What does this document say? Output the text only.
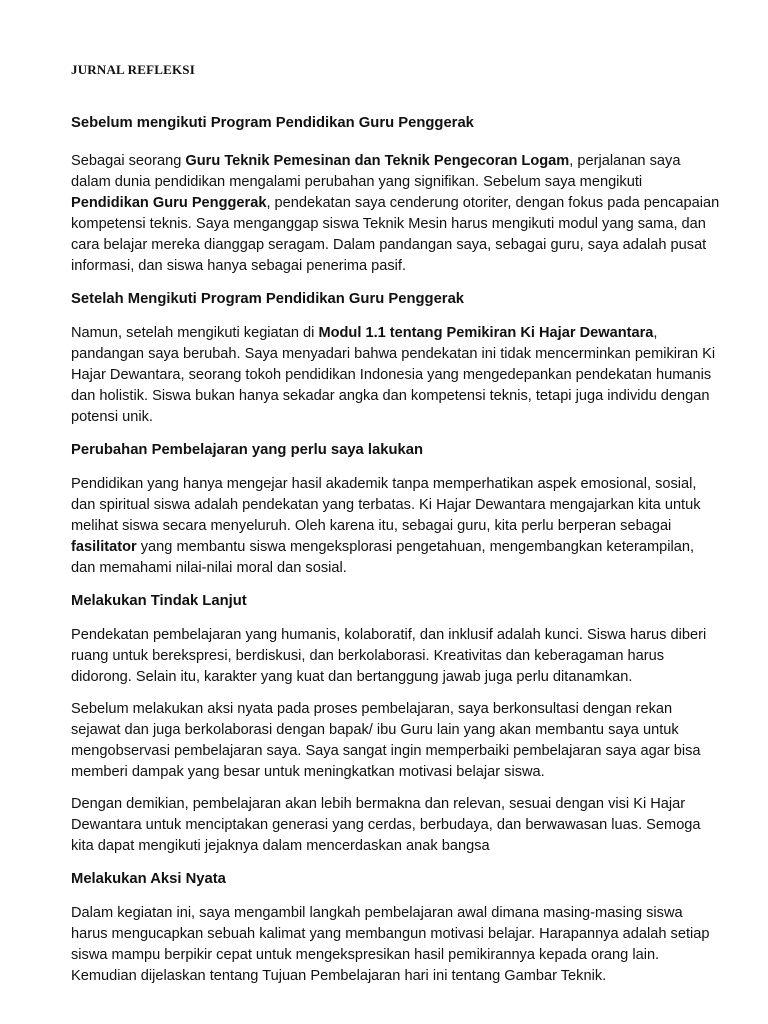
JURNAL REFLEKSI
Sebelum mengikuti Program Pendidikan Guru Penggerak

Sebagai seorang Guru Teknik Pemesinan dan Teknik Pengecoran Logam, perjalanan saya dalam dunia pendidikan mengalami perubahan yang signifikan. Sebelum saya mengikuti Pendidikan Guru Penggerak, pendekatan saya cenderung otoriter, dengan fokus pada pencapaian kompetensi teknis. Saya menganggap siswa Teknik Mesin harus mengikuti modul yang sama, dan cara belajar mereka dianggap seragam. Dalam pandangan saya, sebagai guru, saya adalah pusat informasi, dan siswa hanya sebagai penerima pasif.

Setelah Mengikuti Program Pendidikan Guru Penggerak

Namun, setelah mengikuti kegiatan di Modul 1.1 tentang Pemikiran Ki Hajar Dewantara, pandangan saya berubah. Saya menyadari bahwa pendekatan ini tidak mencerminkan pemikiran Ki Hajar Dewantara, seorang tokoh pendidikan Indonesia yang mengedepankan pendekatan humanis dan holistik. Siswa bukan hanya sekadar angka dan kompetensi teknis, tetapi juga individu dengan potensi unik.

Perubahan Pembelajaran yang perlu saya lakukan

Pendidikan yang hanya mengejar hasil akademik tanpa memperhatikan aspek emosional, sosial, dan spiritual siswa adalah pendekatan yang terbatas. Ki Hajar Dewantara mengajarkan kita untuk melihat siswa secara menyeluruh. Oleh karena itu, sebagai guru, kita perlu berperan sebagai fasilitator yang membantu siswa mengeksplorasi pengetahuan, mengembangkan keterampilan, dan memahami nilai-nilai moral dan sosial.

Melakukan Tindak Lanjut

Pendekatan pembelajaran yang humanis, kolaboratif, dan inklusif adalah kunci. Siswa harus diberi ruang untuk berekspresi, berdiskusi, dan berkolaborasi. Kreativitas dan keberagaman harus didorong. Selain itu, karakter yang kuat dan bertanggung jawab juga perlu ditanamkan.

Sebelum melakukan aksi nyata pada proses pembelajaran, saya berkonsultasi dengan rekan sejawat dan juga berkolaborasi dengan bapak/ ibu Guru lain yang akan membantu saya untuk mengobservasi pembelajaran saya. Saya sangat ingin memperbaiki pembelajaran saya agar bisa memberi dampak yang besar untuk meningkatkan motivasi belajar siswa.

Dengan demikian, pembelajaran akan lebih bermakna dan relevan, sesuai dengan visi Ki Hajar Dewantara untuk menciptakan generasi yang cerdas, berbudaya, dan berwawasan luas. Semoga kita dapat mengikuti jejaknya dalam mencerdaskan anak bangsa

Melakukan Aksi Nyata

Dalam kegiatan ini, saya mengambil langkah pembelajaran awal dimana masing-masing siswa harus mengucapkan sebuah kalimat yang membangun motivasi belajar. Harapannya adalah setiap siswa mampu berpikir cepat untuk mengekspresikan hasil pemikirannya kepada orang lain. Kemudian dijelaskan tentang Tujuan Pembelajaran hari ini tentang Gambar Teknik.
